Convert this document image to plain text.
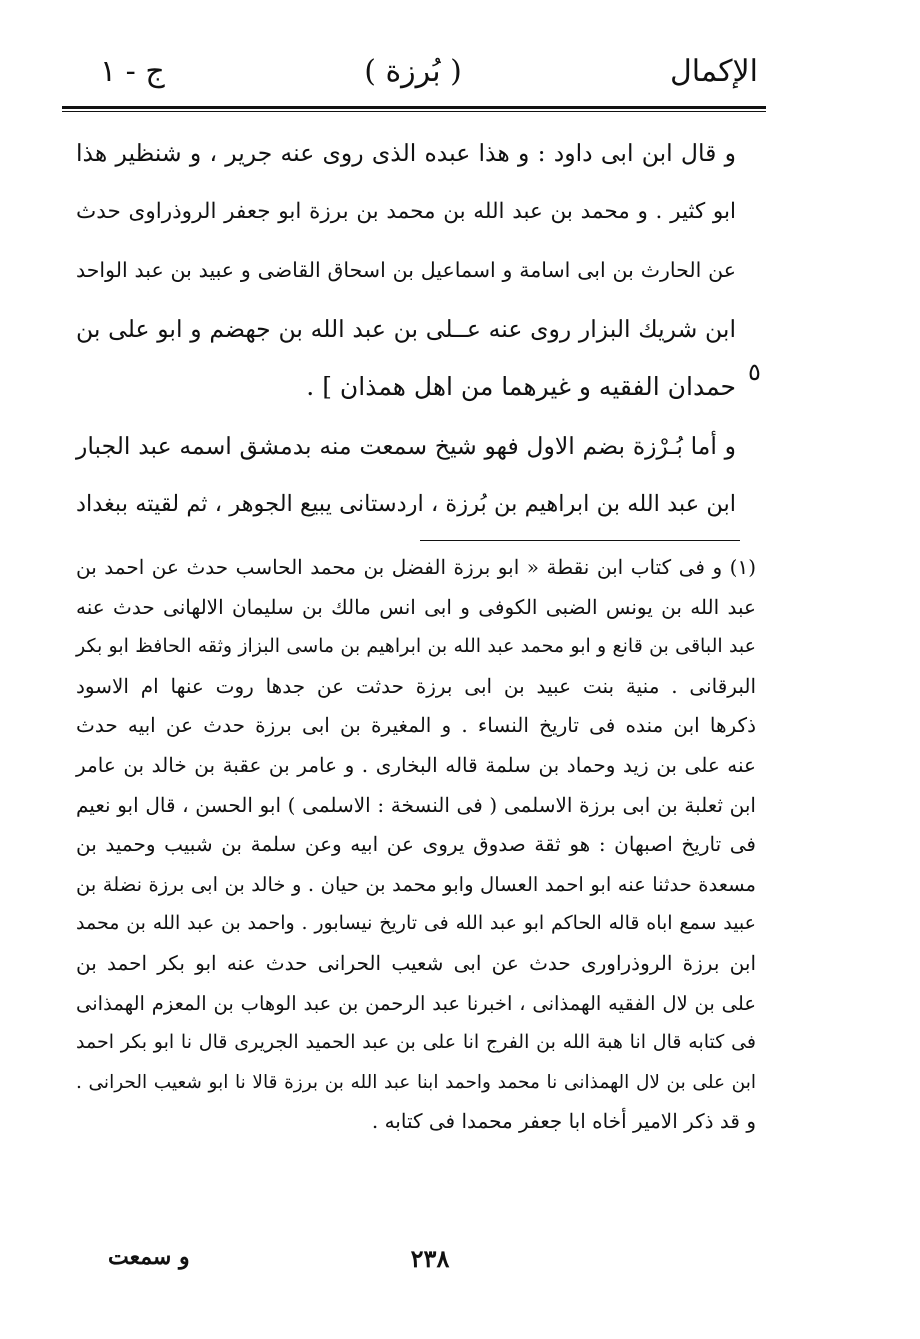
الإكمال
( بُرزة )
ج - ١
و قال ابن ابى داود : و هذا عبده الذى روى عنه جرير ، و شنظير هذا
ابو كثير . و محمد بن عبد الله بن محمد بن برزة ابو جعفر الروذراوى حدث
عن الحارث بن ابى اسامة و اسماعيل بن اسحاق القاضى و عبيد بن عبد الواحد
ابن شريك البزار روى عنه عــلى بن عبد الله بن جهضم و ابو على بن
حمدان الفقيه و غيرهما من اهل همذان ] .
و أما بُـرْزة بضم الاول فهو شيخ سمعت منه بدمشق اسمه عبد الجبار
ابن عبد الله بن ابراهيم بن بُرزة ، اردستانى يبيع الجوهر ، ثم لقيته ببغداد
٥
(١) و فى كتاب ابن نقطة « ابو برزة الفضل بن محمد الحاسب حدث عن احمد بن
عبد الله بن يونس الضبى الكوفى و ابى انس مالك بن سليمان الالهانى حدث عنه
عبد الباقى بن قانع و ابو محمد عبد الله بن ابراهيم بن ماسى البزاز وثقه الحافظ ابو بكر
البرقانى . منية بنت عبيد بن ابى برزة حدثت عن جدها روت عنها ام الاسود
ذكرها ابن منده فى تاريخ النساء . و المغيرة بن ابى برزة حدث عن ابيه حدث
عنه على بن زيد وحماد بن سلمة قاله البخارى . و عامر بن عقبة بن خالد بن عامر
ابن ثعلبة بن ابى برزة الاسلمى ( فى النسخة : الاسلمى ) ابو الحسن ، قال ابو نعيم
فى تاريخ اصبهان : هو ثقة صدوق يروى عن ابيه وعن سلمة بن شبيب وحميد بن
مسعدة حدثنا عنه ابو احمد العسال وابو محمد بن حيان . و خالد بن ابى برزة نضلة بن
عبيد سمع اباه قاله الحاكم ابو عبد الله فى تاريخ نيسابور . واحمد بن عبد الله بن محمد
ابن برزة الروذراورى حدث عن ابى شعيب الحرانى حدث عنه ابو بكر احمد بن
على بن لال الفقيه الهمذانى ، اخبرنا عبد الرحمن بن عبد الوهاب بن المعزم الهمذانى
فى كتابه قال انا هبة الله بن الفرج انا على بن عبد الحميد الجريرى قال نا ابو بكر احمد
ابن على بن لال الهمذانى نا محمد واحمد ابنا عبد الله بن برزة قالا نا ابو شعيب الحرانى .
و قد ذكر الامير أخاه ابا جعفر محمدا فى كتابه .
٢٣٨
و سمعت
